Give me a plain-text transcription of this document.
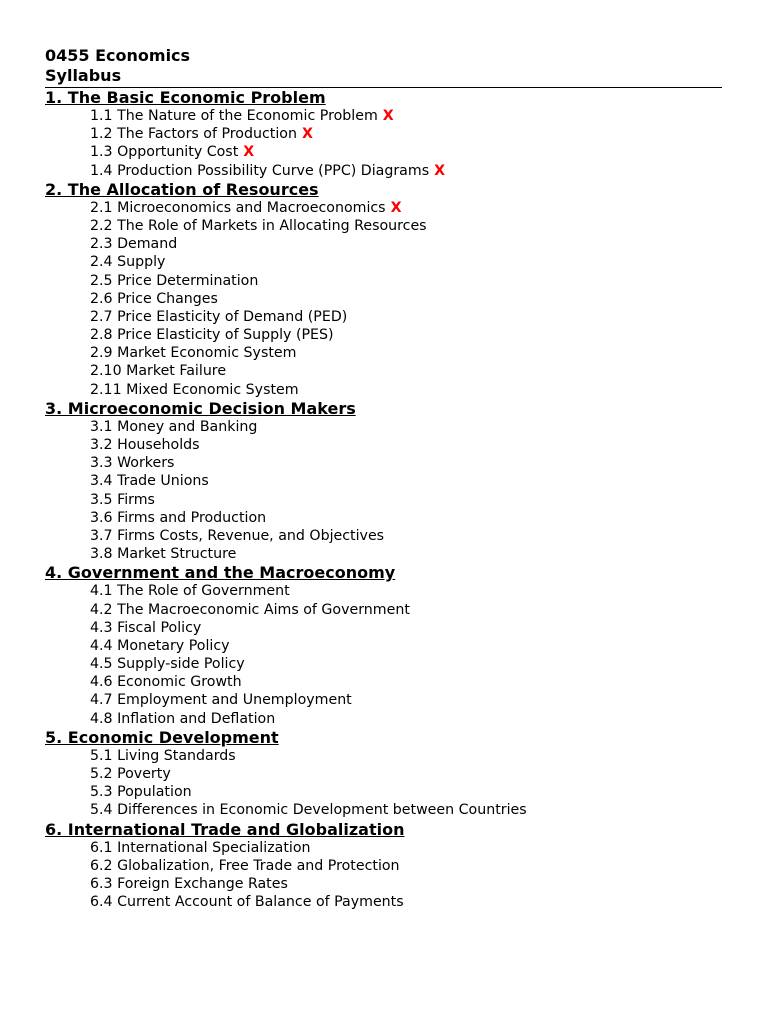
0455 Economics
Syllabus
1. The Basic Economic Problem
1.1 The Nature of the Economic Problem X
1.2 The Factors of Production X
1.3 Opportunity Cost X
1.4 Production Possibility Curve (PPC) Diagrams X
2. The Allocation of Resources
2.1 Microeconomics and Macroeconomics X
2.2 The Role of Markets in Allocating Resources
2.3 Demand
2.4 Supply
2.5 Price Determination
2.6 Price Changes
2.7 Price Elasticity of Demand (PED)
2.8 Price Elasticity of Supply (PES)
2.9 Market Economic System
2.10 Market Failure
2.11 Mixed Economic System
3. Microeconomic Decision Makers
3.1 Money and Banking
3.2 Households
3.3 Workers
3.4 Trade Unions
3.5 Firms
3.6 Firms and Production
3.7 Firms Costs, Revenue, and Objectives
3.8 Market Structure
4. Government and the Macroeconomy
4.1 The Role of Government
4.2 The Macroeconomic Aims of Government
4.3 Fiscal Policy
4.4 Monetary Policy
4.5 Supply-side Policy
4.6 Economic Growth
4.7 Employment and Unemployment
4.8 Inflation and Deflation
5. Economic Development
5.1 Living Standards
5.2 Poverty
5.3 Population
5.4 Differences in Economic Development between Countries
6. International Trade and Globalization
6.1 International Specialization
6.2 Globalization, Free Trade and Protection
6.3 Foreign Exchange Rates
6.4 Current Account of Balance of Payments
